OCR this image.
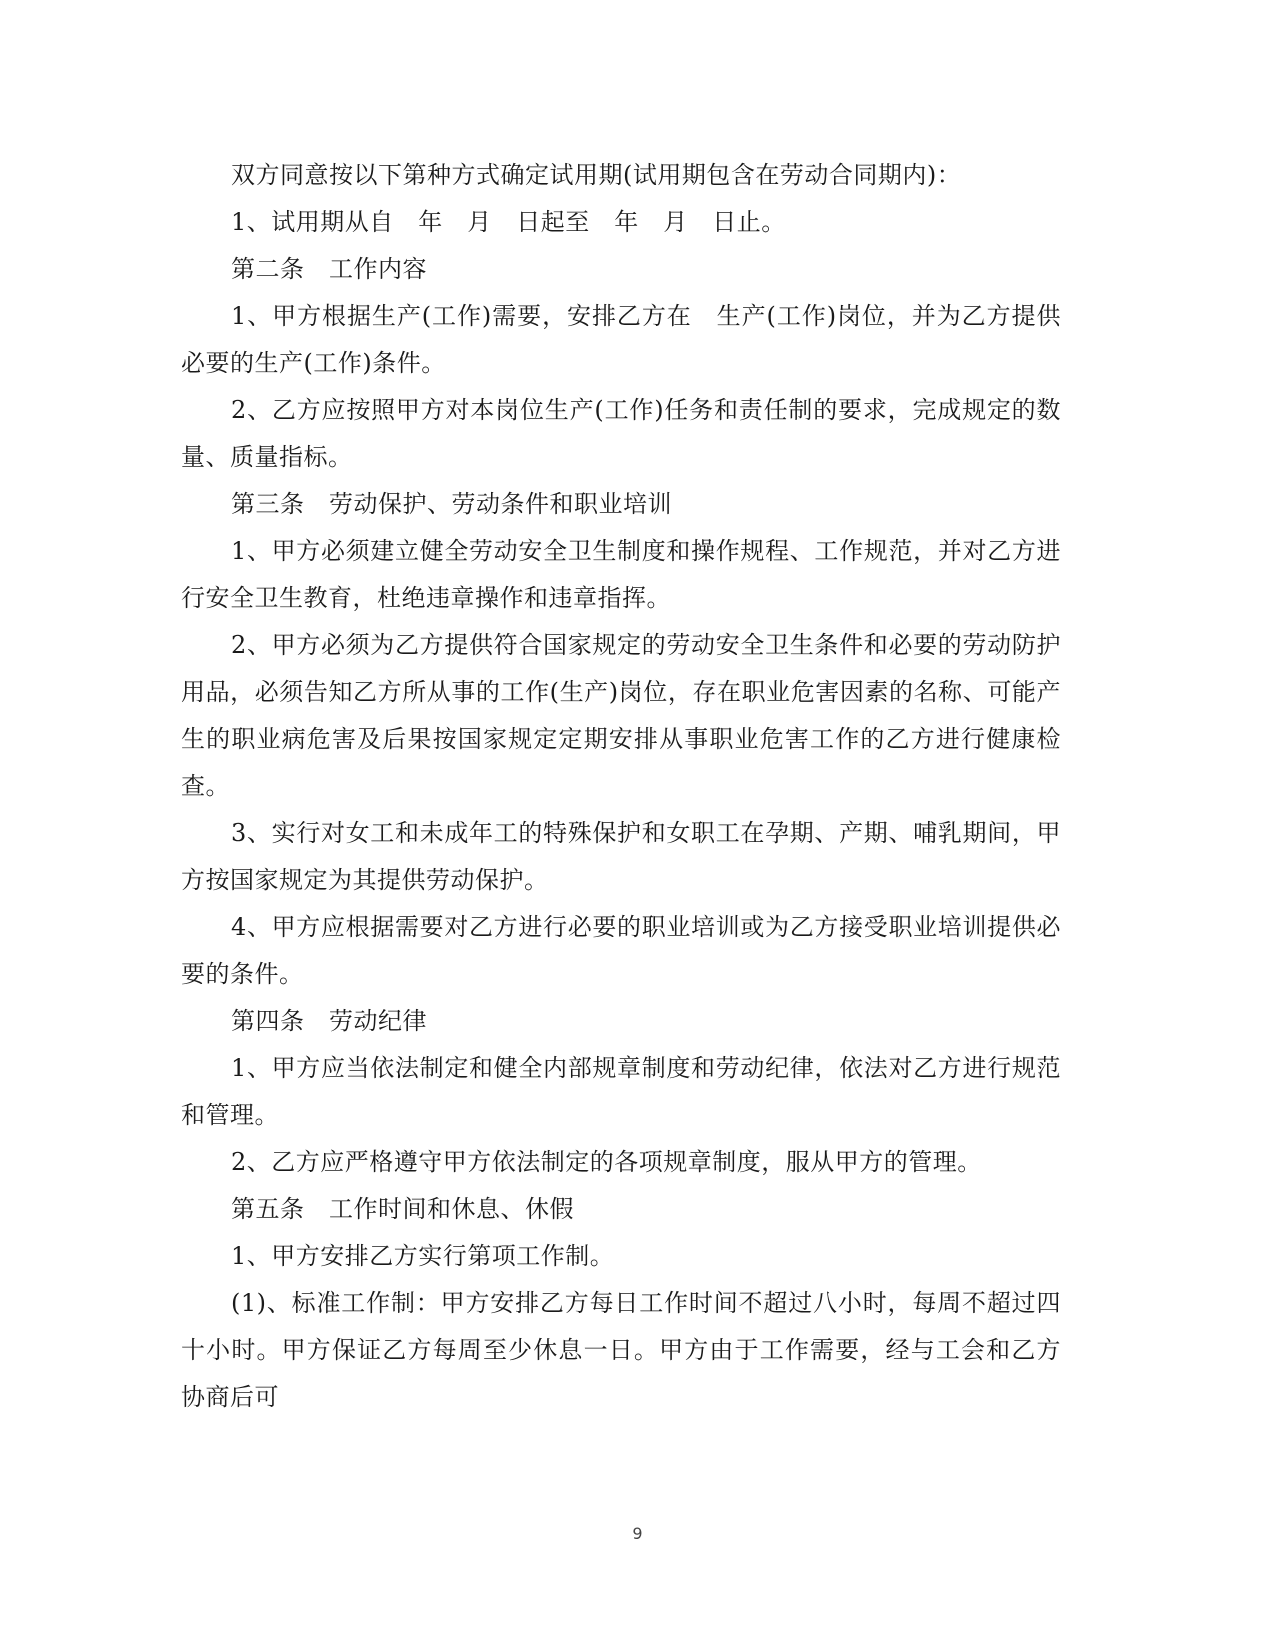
双方同意按以下第种方式确定试用期(试用期包含在劳动合同期内)：

1、试用期从自　年　月　日起至　年　月　日止。

第二条　工作内容

1、甲方根据生产(工作)需要，安排乙方在　生产(工作)岗位，并为乙方提供必要的生产(工作)条件。

2、乙方应按照甲方对本岗位生产(工作)任务和责任制的要求，完成规定的数量、质量指标。

第三条　劳动保护、劳动条件和职业培训

1、甲方必须建立健全劳动安全卫生制度和操作规程、工作规范，并对乙方进行安全卫生教育，杜绝违章操作和违章指挥。

2、甲方必须为乙方提供符合国家规定的劳动安全卫生条件和必要的劳动防护用品，必须告知乙方所从事的工作(生产)岗位，存在职业危害因素的名称、可能产生的职业病危害及后果按国家规定定期安排从事职业危害工作的乙方进行健康检查。

3、实行对女工和未成年工的特殊保护和女职工在孕期、产期、哺乳期间，甲方按国家规定为其提供劳动保护。

4、甲方应根据需要对乙方进行必要的职业培训或为乙方接受职业培训提供必要的条件。

第四条　劳动纪律

1、甲方应当依法制定和健全内部规章制度和劳动纪律，依法对乙方进行规范和管理。

2、乙方应严格遵守甲方依法制定的各项规章制度，服从甲方的管理。

第五条　工作时间和休息、休假

1、甲方安排乙方实行第项工作制。

(1)、标准工作制：甲方安排乙方每日工作时间不超过八小时，每周不超过四十小时。甲方保证乙方每周至少休息一日。甲方由于工作需要，经与工会和乙方协商后可

9
